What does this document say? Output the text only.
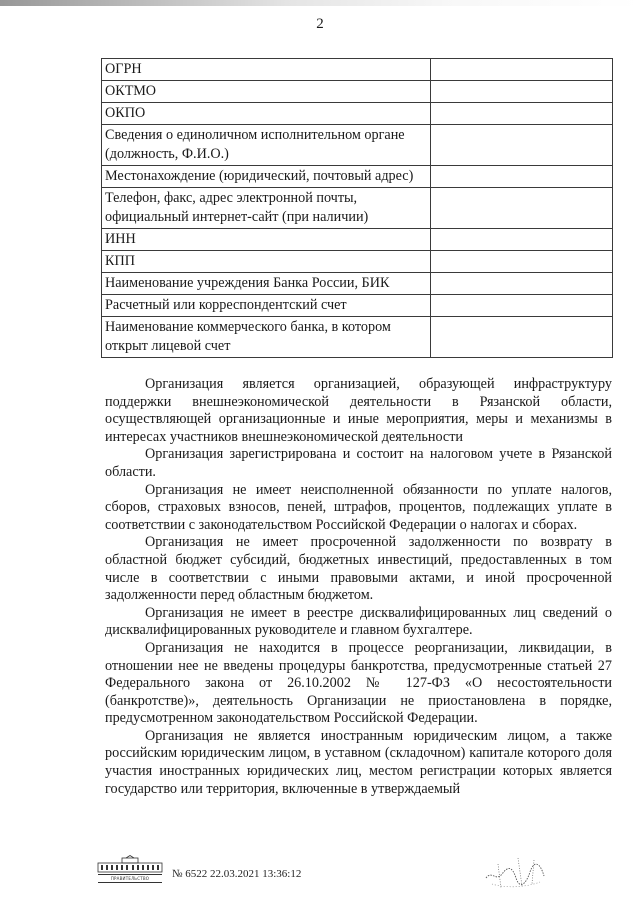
2
ОГРН	
ОКТМО	
ОКПО	
Сведения о единоличном исполнительном органе (должность, Ф.И.О.)	
Местонахождение (юридический, почтовый адрес)	
Телефон, факс, адрес электронной почты, официальный интернет-сайт (при наличии)	
ИНН	
КПП	
Наименование учреждения Банка России, БИК	
Расчетный или корреспондентский счет	
Наименование коммерческого банка, в котором открыт лицевой счет	

Организация является организацией, образующей инфраструктуру поддержки внешнеэкономической деятельности в Рязанской области, осуществляющей организационные и иные мероприятия, меры и механизмы в интересах участников внешнеэкономической деятельности

Организация зарегистрирована и состоит на налоговом учете в Рязанской области.

Организация не имеет неисполненной обязанности по уплате налогов, сборов, страховых взносов, пеней, штрафов, процентов, подлежащих уплате в соответствии с законодательством Российской Федерации о налогах и сборах.

Организация не имеет просроченной задолженности по возврату в областной бюджет субсидий, бюджетных инвестиций, предоставленных в том числе в соответствии с иными правовыми актами, и иной просроченной задолженности перед областным бюджетом.

Организация не имеет в реестре дисквалифицированных лиц сведений о дисквалифицированных руководителе и главном бухгалтере.

Организация не находится в процессе реорганизации, ликвидации, в отношении нее не введены процедуры банкротства, предусмотренные статьей 27 Федерального закона от 26.10.2002 № 127-ФЗ «О несостоятельности (банкротстве)», деятельность Организации не приостановлена в порядке, предусмотренном законодательством Российской Федерации.

Организация не является иностранным юридическим лицом, а также российским юридическим лицом, в уставном (складочном) капитале которого доля участия иностранных юридических лиц, местом регистрации которых является государство или территория, включенные в утверждаемый

ПРАВИТЕЛЬСТВО	№ 6522 22.03.2021 13:36:12
